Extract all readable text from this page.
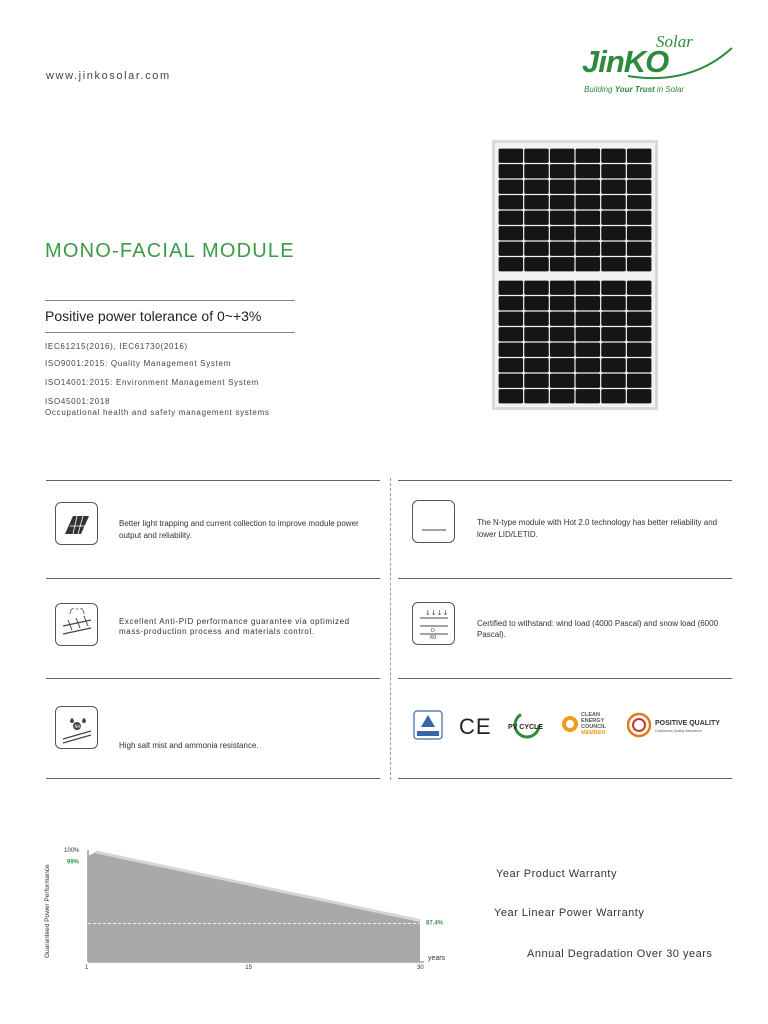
www.jinkosolar.com
Solar
JinKO
Building Your Trust in Solar
MONO-FACIAL MODULE
Positive power tolerance of 0~+3%
IEC61215(2016), IEC61730(2016)
ISO9001:2015: Quality Management System
ISO14001:2015: Environment Management System
ISO45001:2018
Occupational health and safety management systems
Better light trapping and current collection to improve module power output and reliability.
The N-type module with Hot 2.0 technology has better reliability and lower LID/LETID.
Excellent Anti-PID performance guarantee via optimized mass-production process and materials control.
↓↓↓↓
D
60
Certified to withstand: wind load (4000 Pascal) and snow load (6000 Pascal).
NH
High salt mist and ammonia resistance.
CE PV CYCLE
CLEAN
ENERGY
COUNCIL
MEMBER
POSITIVE QUALITY
Continuous Quality Assurance
Guaranteed Power Performance
100%
99%
87.4%
1	15	30
years
Year Product Warranty
Year Linear Power Warranty
Annual Degradation Over 30 years
